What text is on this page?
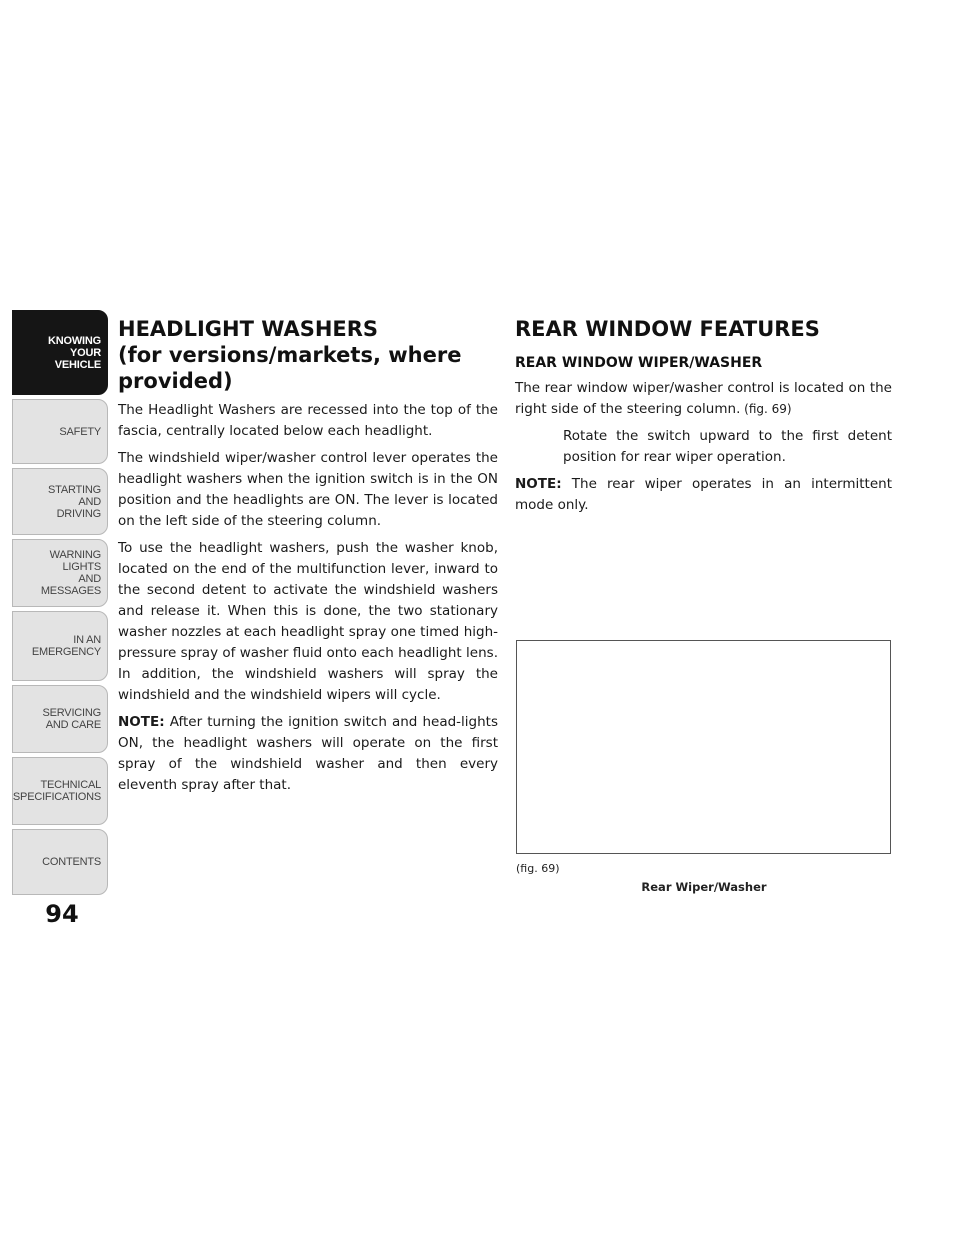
KNOWING
YOUR
VEHICLE
SAFETY
STARTING
AND
DRIVING
WARNING
LIGHTS
AND
MESSAGES
IN AN
EMERGENCY
SERVICING
AND CARE
TECHNICAL
SPECIFICATIONS
CONTENTS
94
HEADLIGHT WASHERS
(for versions/markets, where
provided)

The Headlight Washers are recessed into the top of the fascia, centrally located below each headlight.

The windshield wiper/washer control lever operates the headlight washers when the ignition switch is in the ON position and the headlights are ON. The lever is located on the left side of the steering column.

To use the headlight washers, push the washer knob, located on the end of the multifunction lever, inward to the second detent to activate the windshield washers and release it. When this is done, the two stationary washer nozzles at each headlight spray one timed high-pressure spray of washer fluid onto each headlight lens. In addition, the windshield washers will spray the windshield and the windshield wipers will cycle.

NOTE: After turning the ignition switch and head-lights ON, the headlight washers will operate on the first spray of the windshield washer and then every eleventh spray after that.

REAR WINDOW FEATURES
REAR WINDOW WIPER/WASHER

The rear window wiper/washer control is located on the right side of the steering column. (fig. 69)

Rotate the switch upward to the first detent position for rear wiper operation.

NOTE: The rear wiper operates in an intermittent mode only.

(fig. 69)
Rear Wiper/Washer
